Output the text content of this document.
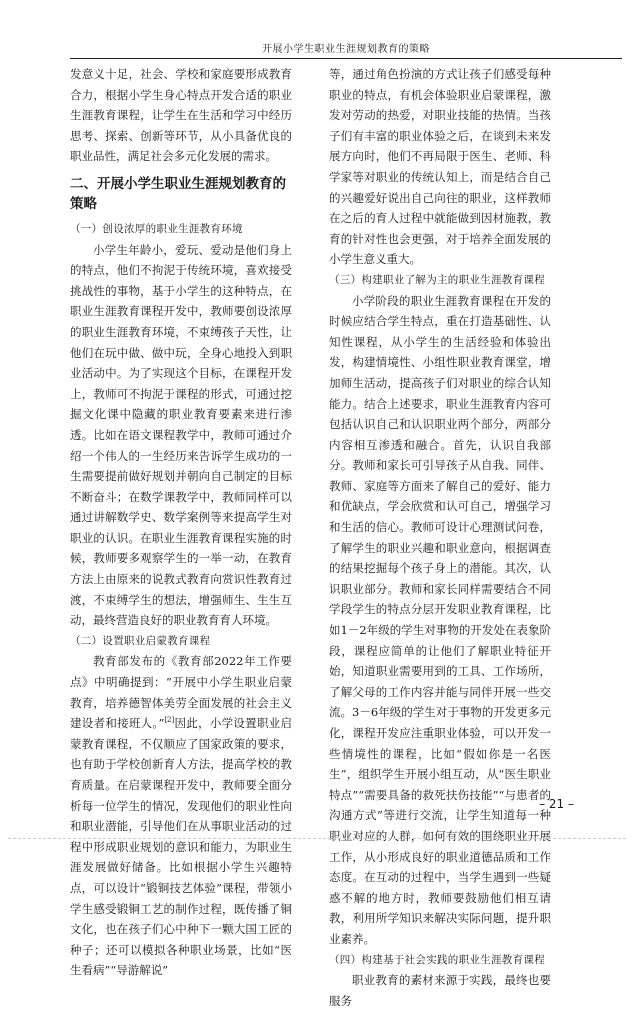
开展小学生职业生涯规划教育的策略

发意义十足，社会、学校和家庭要形成教育合力，根据小学生身心特点开发合适的职业生涯教育课程，让学生在生活和学习中经历思考、探索、创新等环节，从小具备优良的职业品性，满足社会多元化发展的需求。

二、开展小学生职业生涯规划教育的策略
（一）创设浓厚的职业生涯教育环境

小学生年龄小，爱玩、爱动是他们身上的特点，他们不拘泥于传统环境，喜欢接受挑战性的事物，基于小学生的这种特点，在职业生涯教育课程开发中，教师要创设浓厚的职业生涯教育环境，不束缚孩子天性，让他们在玩中做、做中玩，全身心地投入到职业活动中。为了实现这个目标，在课程开发上，教师可不拘泥于课程的形式，可通过挖掘文化课中隐藏的职业教育要素来进行渗透。比如在语文课程教学中，教师可通过介绍一个伟人的一生经历来告诉学生成功的一生需要提前做好规划并朝向自己制定的目标不断奋斗；在数学课教学中，教师同样可以通过讲解数学史、数学案例等来提高学生对职业的认识。在职业生涯教育课程实施的时候，教师要多观察学生的一举一动，在教育方法上由原来的说教式教育向赏识性教育过渡，不束缚学生的想法，增强师生、生生互动，最终营造良好的职业教育育人环境。

（二）设置职业启蒙教育课程

教育部发布的《教育部2022年工作要点》中明确提到：“开展中小学生职业启蒙教育，培养德智体美劳全面发展的社会主义建设者和接班人。”[2]因此，小学设置职业启蒙教育课程，不仅顺应了国家政策的要求，也有助于学校创新育人方法，提高学校的教育质量。在启蒙课程开发中，教师要全面分析每一位学生的情况，发现他们的职业性向和职业潜能，引导他们在从事职业活动的过程中形成职业规划的意识和能力，为职业生涯发展做好储备。比如根据小学生兴趣特点，可以设计“锻铜技艺体验”课程，带领小学生感受锻铜工艺的制作过程，既传播了铜文化，也在孩子们心中种下一颗大国工匠的种子；还可以模拟各种职业场景，比如“医生看病”“导游解说”

等，通过角色扮演的方式让孩子们感受每种职业的特点，有机会体验职业启蒙课程，激发对劳动的热爱，对职业技能的热情。当孩子们有丰富的职业体验之后，在谈到未来发展方向时，他们不再局限于医生、老师、科学家等对职业的传统认知上，而是结合自己的兴趣爱好说出自己向往的职业，这样教师在之后的育人过程中就能做到因材施教，教育的针对性也会更强，对于培养全面发展的小学生意义重大。

（三）构建职业了解为主的职业生涯教育课程

小学阶段的职业生涯教育课程在开发的时候应结合学生特点，重在打造基础性、认知性课程，从小学生的生活经验和体验出发，构建情境性、小组性职业教育课堂，增加师生活动，提高孩子们对职业的综合认知能力。结合上述要求，职业生涯教育内容可包括认识自己和认识职业两个部分，两部分内容相互渗透和融合。首先，认识自我部分。教师和家长可引导孩子从自我、同伴、教师、家庭等方面来了解自己的爱好、能力和优缺点，学会欣赏和认可自己，增强学习和生活的信心。教师可设计心理测试问卷，了解学生的职业兴趣和职业意向，根据调查的结果挖掘每个孩子身上的潜能。其次，认识职业部分。教师和家长同样需要结合不同学段学生的特点分层开发职业教育课程，比如1－2年级的学生对事物的开发处在表象阶段，课程应简单的让他们了解职业特征开始，知道职业需要用到的工具、工作场所，了解父母的工作内容并能与同伴开展一些交流。3－6年级的学生对于事物的开发更多元化，课程开发应注重职业体验，可以开发一些情境性的课程，比如“假如你是一名医生”，组织学生开展小组互动，从“医生职业特点”“需要具备的救死扶伤技能”“与患者的沟通方式”等进行交流，让学生知道每一种职业对应的人群，如何有效的围绕职业开展工作，从小形成良好的职业道德品质和工作态度。在互动的过程中，当学生遇到一些疑惑不解的地方时，教师要鼓励他们相互请教，利用所学知识来解决实际问题，提升职业素养。

（四）构建基于社会实践的职业生涯教育课程

职业教育的素材来源于实践，最终也要服务

– 21 –
